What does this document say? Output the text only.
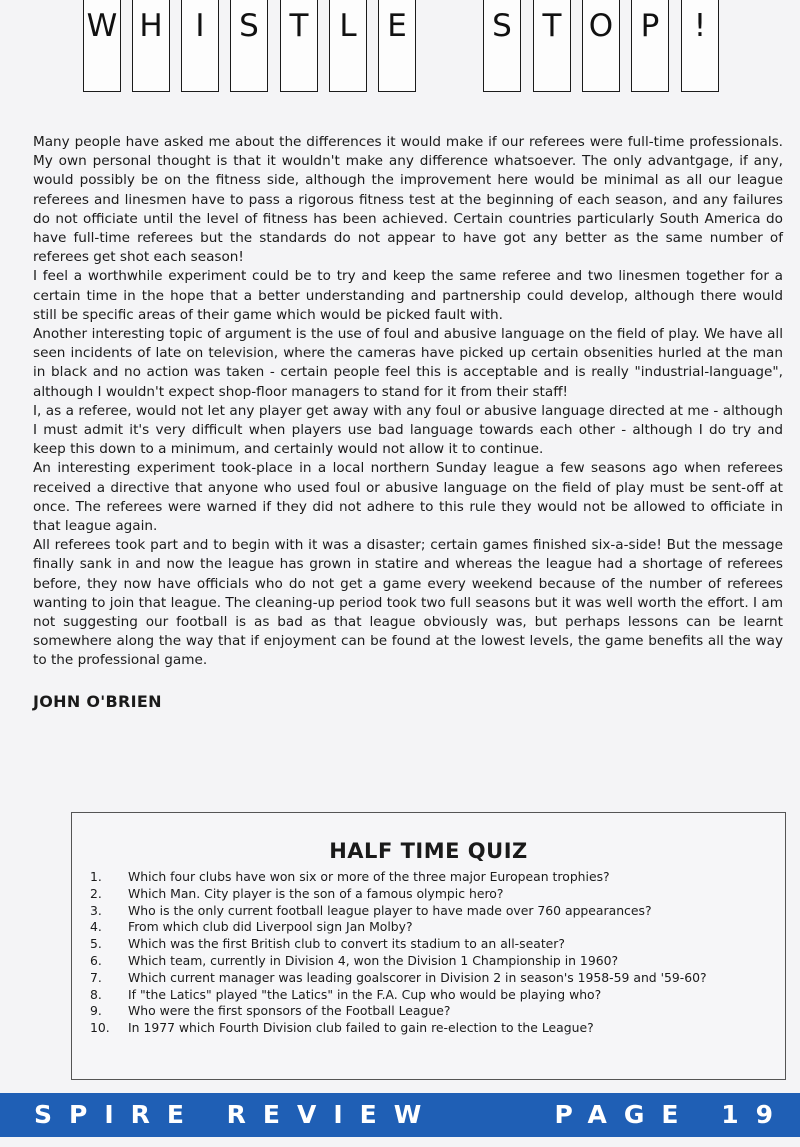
W H	I	S T L E	S T O P	!

Many people have asked me about the differences it would make if our referees were full-time professionals. My own personal thought is that it wouldn't make any difference whatsoever. The only advantgage, if any, would possibly be on the fitness side, although the improvement here would be minimal as all our league referees and linesmen have to pass a rigorous fitness test at the beginning of each season, and any failures do not officiate until the level of fitness has been achieved. Certain countries particularly South America do have full-time referees but the standards do not appear to have got any better as the same number of referees get shot each season!

I feel a worthwhile experiment could be to try and keep the same referee and two linesmen together for a certain time in the hope that a better understanding and partnership could develop, although there would still be specific areas of their game which would be picked fault with.

Another interesting topic of argument is the use of foul and abusive language on the field of play. We have all seen incidents of late on television, where the cameras have picked up certain obsenities hurled at the man in black and no action was taken - certain people feel this is acceptable and is really "industrial-language", although I wouldn't expect shop-floor managers to stand for it from their staff!

I, as a referee, would not let any player get away with any foul or abusive language directed at me - although I must admit it's very difficult when players use bad language towards each other - although I do try and keep this down to a minimum, and certainly would not allow it to continue.

An interesting experiment took-place in a local northern Sunday league a few seasons ago when referees received a directive that anyone who used foul or abusive language on the field of play must be sent-off at once. The referees were warned if they did not adhere to this rule they would not be allowed to officiate in that league again.

All referees took part and to begin with it was a disaster; certain games finished six-a-side! But the message finally sank in and now the league has grown in statire and whereas the league had a shortage of referees before, they now have officials who do not get a game every weekend because of the number of referees wanting to join that league. The cleaning-up period took two full seasons but it was well worth the effort. I am not suggesting our football is as bad as that league obviously was, but perhaps lessons can be learnt somewhere along the way that if enjoyment can be found at the lowest levels, the game benefits all the way to the professional game.

JOHN O'BRIEN
HALF TIME QUIZ
1. Which four clubs have won six or more of the three major European trophies?
2. Which Man. City player is the son of a famous olympic hero?
3. Who is the only current football league player to have made over 760 appearances?
4. From which club did Liverpool sign Jan Molby?
5. Which was the first British club to convert its stadium to an all-seater?
6. Which team, currently in Division 4, won the Division 1 Championship in 1960?
7. Which current manager was leading goalscorer in Division 2 in season's 1958-59 and '59-60?
8. If "the Latics" played "the Latics" in the F.A. Cup who would be playing who?
9. Who were the first sponsors of the Football League?
10. In 1977 which Fourth Division club failed to gain re-election to the League?
SPIRE REVIEW	PAGE 19
